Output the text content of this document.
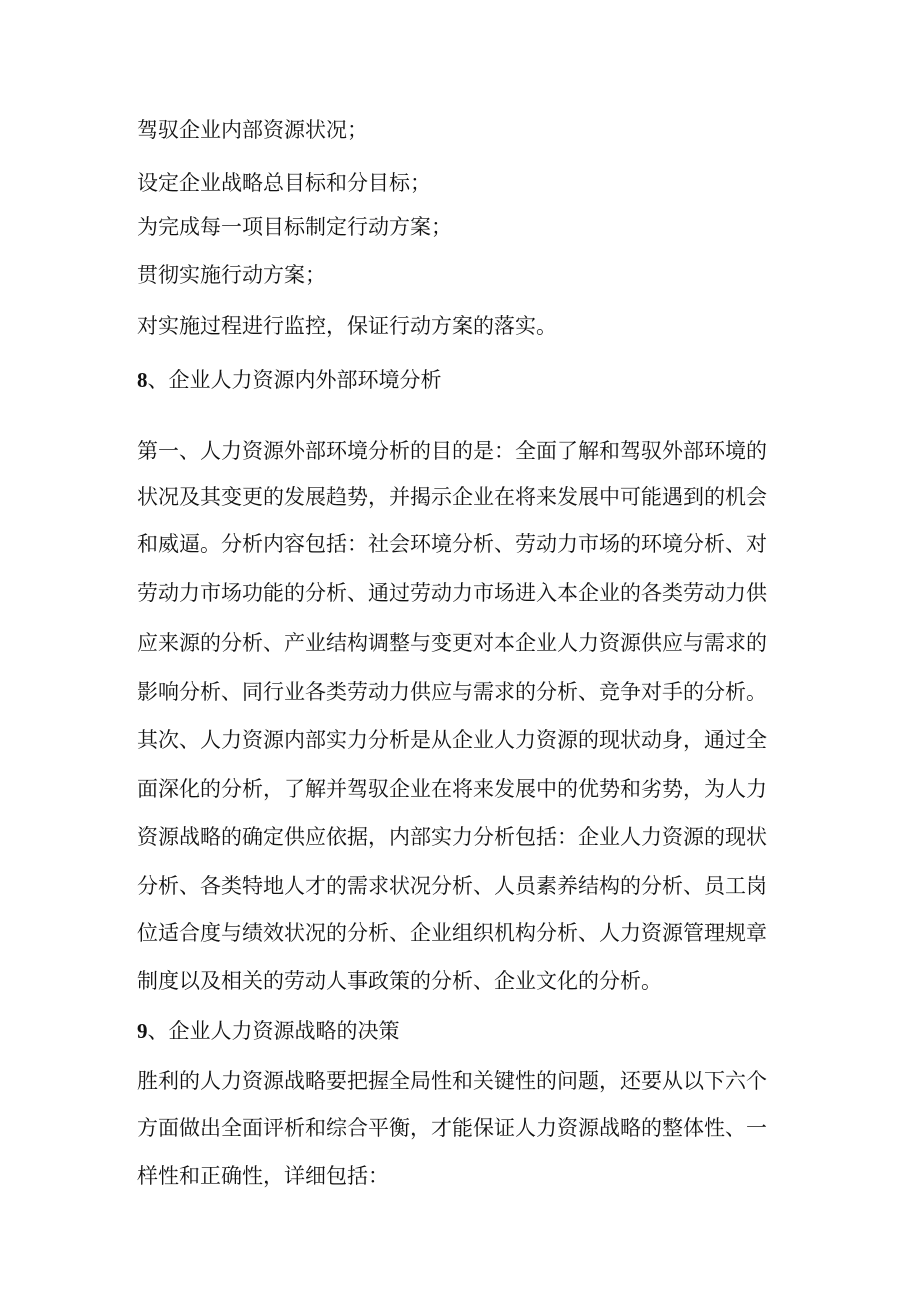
驾驭企业内部资源状况；

设定企业战略总目标和分目标；

为完成每一项目标制定行动方案；

贯彻实施行动方案；

对实施过程进行监控，保证行动方案的落实。

8、企业人力资源内外部环境分析

第一、人力资源外部环境分析的目的是：全面了解和驾驭外部环境的

状况及其变更的发展趋势，并揭示企业在将来发展中可能遇到的机会

和威逼。分析内容包括：社会环境分析、劳动力市场的环境分析、对

劳动力市场功能的分析、通过劳动力市场进入本企业的各类劳动力供

应来源的分析、产业结构调整与变更对本企业人力资源供应与需求的

影响分析、同行业各类劳动力供应与需求的分析、竞争对手的分析。

其次、人力资源内部实力分析是从企业人力资源的现状动身，通过全

面深化的分析，了解并驾驭企业在将来发展中的优势和劣势，为人力

资源战略的确定供应依据，内部实力分析包括：企业人力资源的现状

分析、各类特地人才的需求状况分析、人员素养结构的分析、员工岗

位适合度与绩效状况的分析、企业组织机构分析、人力资源管理规章

制度以及相关的劳动人事政策的分析、企业文化的分析。

9、企业人力资源战略的决策

胜利的人力资源战略要把握全局性和关键性的问题，还要从以下六个

方面做出全面评析和综合平衡，才能保证人力资源战略的整体性、一

样性和正确性，详细包括：
